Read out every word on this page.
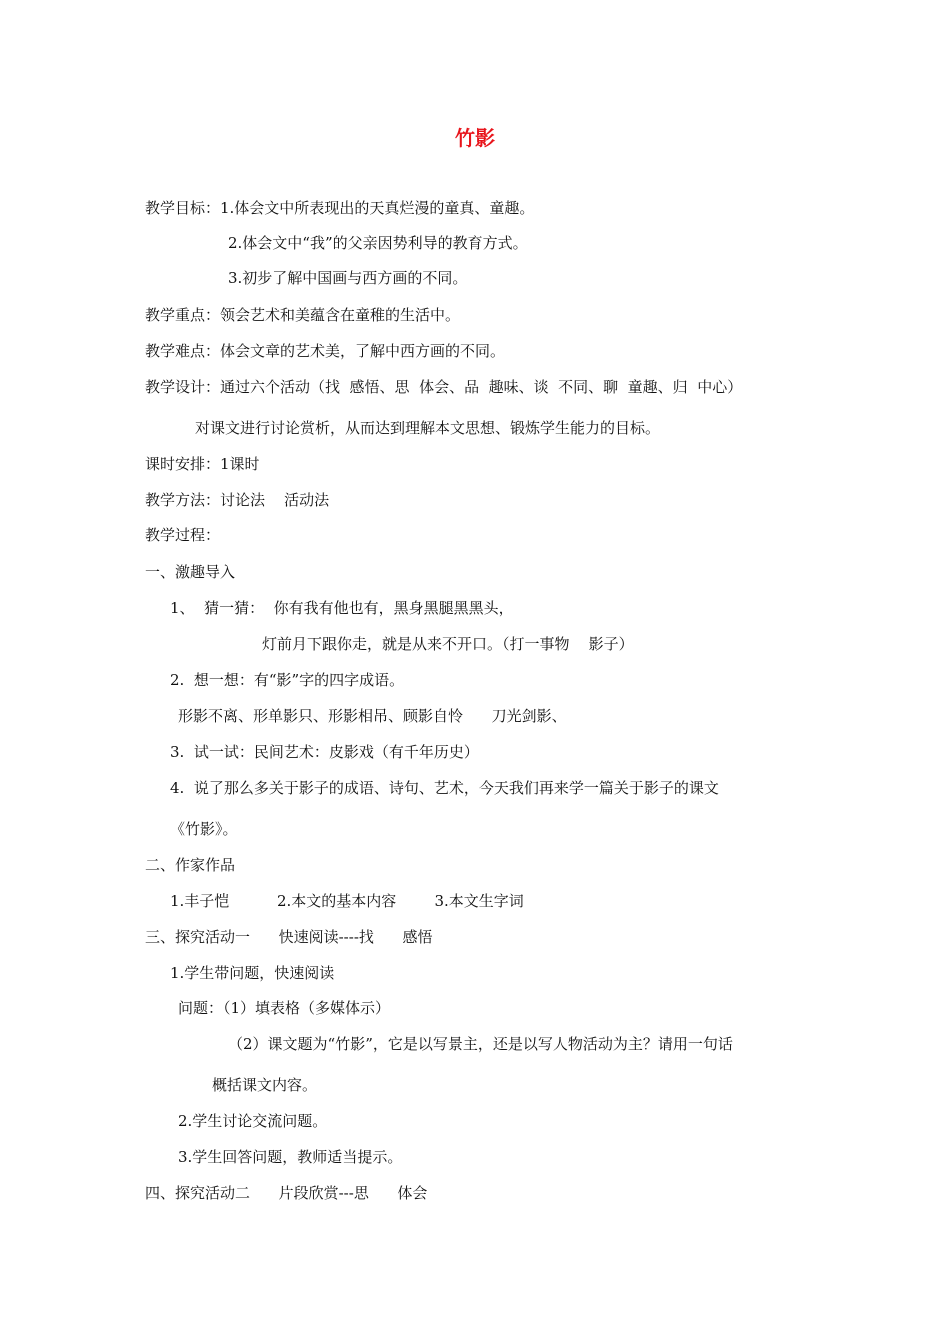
竹影
教学目标：1.体会文中所表现出的天真烂漫的童真、童趣。
2.体会文中“我”的父亲因势利导的教育方式。
3.初步了解中国画与西方画的不同。
教学重点：领会艺术和美蕴含在童稚的生活中。
教学难点：体会文章的艺术美，了解中西方画的不同。
教学设计：通过六个活动（找  感悟、思  体会、品  趣味、谈  不同、聊  童趣、归  中心）
对课文进行讨论赏析，从而达到理解本文思想、锻炼学生能力的目标。
课时安排：1课时
教学方法：讨论法    活动法
教学过程：
一、激趣导入
1、  猜一猜：  你有我有他也有，黑身黑腿黑黑头，
灯前月下跟你走，就是从来不开口。（打一事物    影子）
2.  想一想：有“影”字的四字成语。
形影不离、形单影只、形影相吊、顾影自怜      刀光剑影、
3.  试一试：民间艺术：皮影戏（有千年历史）
4.  说了那么多关于影子的成语、诗句、艺术，今天我们再来学一篇关于影子的课文
《竹影》。
二、作家作品
1.丰子恺          2.本文的基本内容        3.本文生字词
三、探究活动一      快速阅读----找      感悟
1.学生带问题，快速阅读
问题：（1）填表格（多媒体示）
（2）课文题为“竹影”，它是以写景主，还是以写人物活动为主？请用一句话
概括课文内容。
2.学生讨论交流问题。
3.学生回答问题，教师适当提示。
四、探究活动二      片段欣赏---思      体会
